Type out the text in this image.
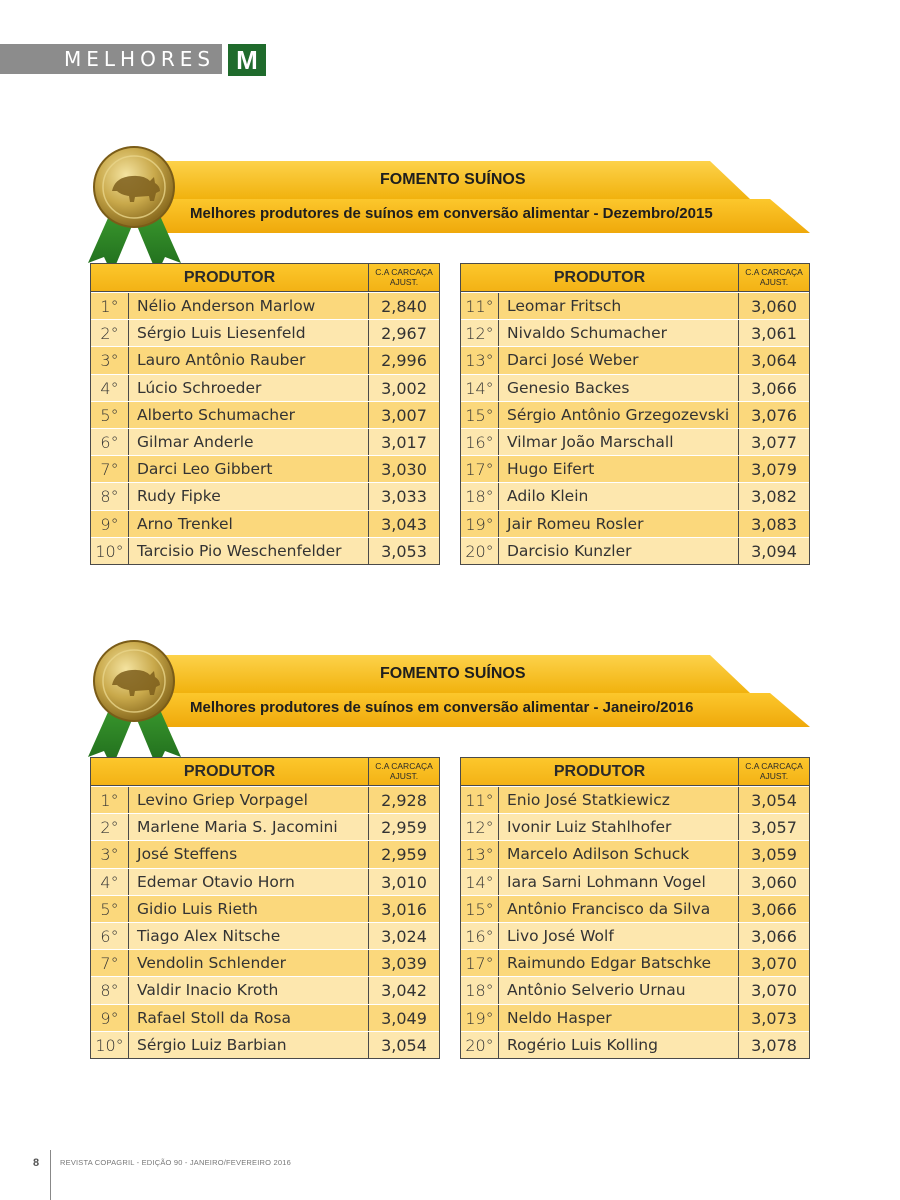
MELHORES M
FOMENTO SUÍNOS
Melhores produtores de suínos em conversão alimentar - Dezembro/2015
PRODUTOR	C.A CARCAÇA
AJUST.
1°	Nélio Anderson Marlow	2,840
2°	Sérgio Luis Liesenfeld	2,967
3°	Lauro Antônio Rauber	2,996
4°	Lúcio Schroeder	3,002
5°	Alberto Schumacher	3,007
6°	Gilmar Anderle	3,017
7°	Darci Leo Gibbert	3,030
8°	Rudy Fipke	3,033
9°	Arno Trenkel	3,043
10° Tarcisio Pio Weschenfelder	3,053
PRODUTOR	C.A CARCAÇA
AJUST.
11° Leomar Fritsch	3,060
12° Nivaldo Schumacher	3,061
13° Darci José Weber	3,064
14° Genesio Backes	3,066
15° Sérgio Antônio Grzegozevski	3,076
16° Vilmar João Marschall	3,077
17° Hugo Eifert	3,079
18° Adilo Klein	3,082
19° Jair Romeu Rosler	3,083
20° Darcisio Kunzler	3,094
FOMENTO SUÍNOS
Melhores produtores de suínos em conversão alimentar - Janeiro/2016
PRODUTOR	C.A CARCAÇA
AJUST.
1°	Levino Griep Vorpagel	2,928
2°	Marlene Maria S. Jacomini	2,959
3°	José Steffens	2,959
4°	Edemar Otavio Horn	3,010
5°	Gidio Luis Rieth	3,016
6°	Tiago Alex Nitsche	3,024
7°	Vendolin Schlender	3,039
8°	Valdir Inacio Kroth	3,042
9°	Rafael Stoll da Rosa	3,049
10° Sérgio Luiz Barbian	3,054
PRODUTOR	C.A CARCAÇA
AJUST.
11° Enio José Statkiewicz	3,054
12° Ivonir Luiz Stahlhofer	3,057
13° Marcelo Adilson Schuck	3,059
14° Iara Sarni Lohmann Vogel	3,060
15° Antônio Francisco da Silva	3,066
16° Livo José Wolf	3,066
17° Raimundo Edgar Batschke	3,070
18° Antônio Selverio Urnau	3,070
19° Neldo Hasper	3,073
20° Rogério Luis Kolling	3,078
8	REVISTA COPAGRIL - EDIÇÃO 90 - JANEIRO/FEVEREIRO 2016
